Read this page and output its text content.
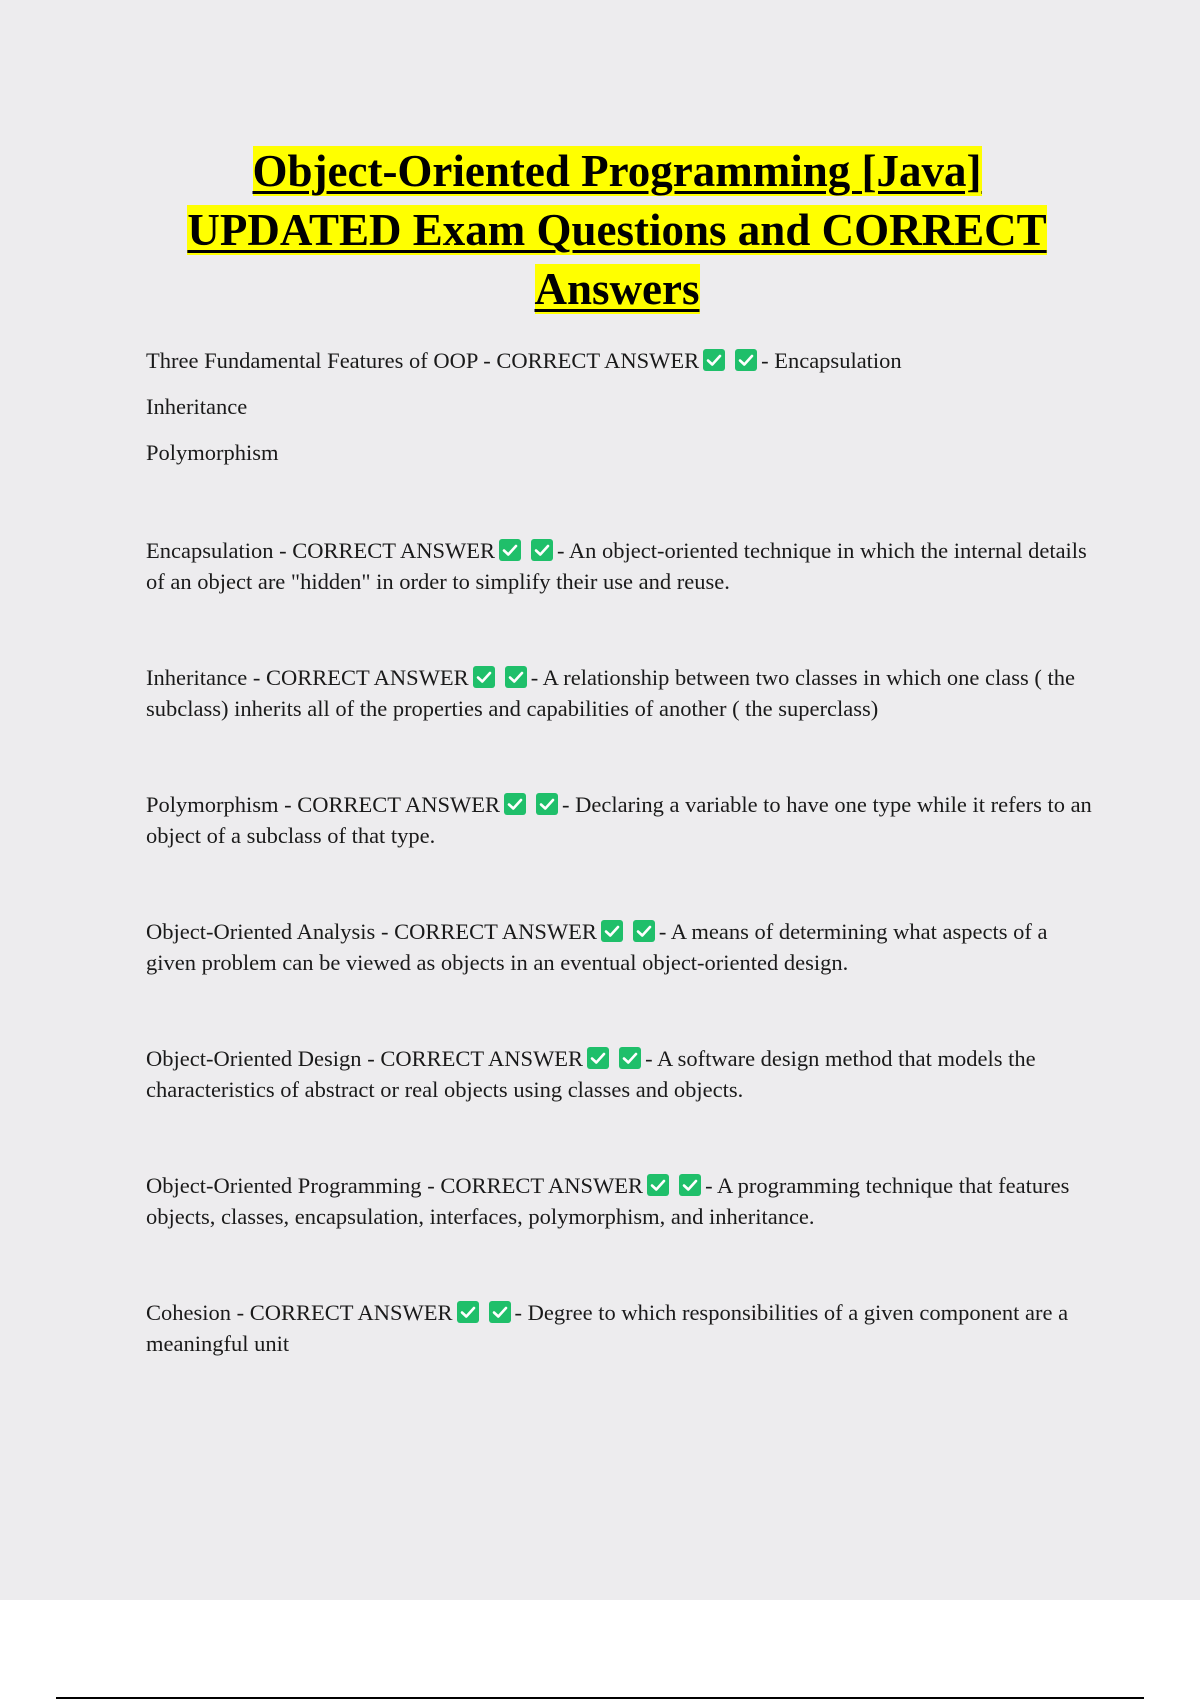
Object-Oriented Programming [Java]
UPDATED Exam Questions and CORRECT
Answers

Three Fundamental Features of OOP - CORRECT ANSWER	- Encapsulation

Inheritance

Polymorphism

Encapsulation - CORRECT ANSWER	- An object-oriented technique in which the internal details of an object are "hidden" in order to simplify their use and reuse.

Inheritance - CORRECT ANSWER	- A relationship between two classes in which one class ( the subclass) inherits all of the properties and capabilities of another ( the superclass)

Polymorphism - CORRECT ANSWER	- Declaring a variable to have one type while it refers to an object of a subclass of that type.

Object-Oriented Analysis - CORRECT ANSWER	- A means of determining what aspects of a given problem can be viewed as objects in an eventual object-oriented design.

Object-Oriented Design - CORRECT ANSWER	- A software design method that models the characteristics of abstract or real objects using classes and objects.

Object-Oriented Programming - CORRECT ANSWER	- A programming technique that features objects, classes, encapsulation, interfaces, polymorphism, and inheritance.

Cohesion - CORRECT ANSWER	- Degree to which responsibilities of a given component are a meaningful unit
